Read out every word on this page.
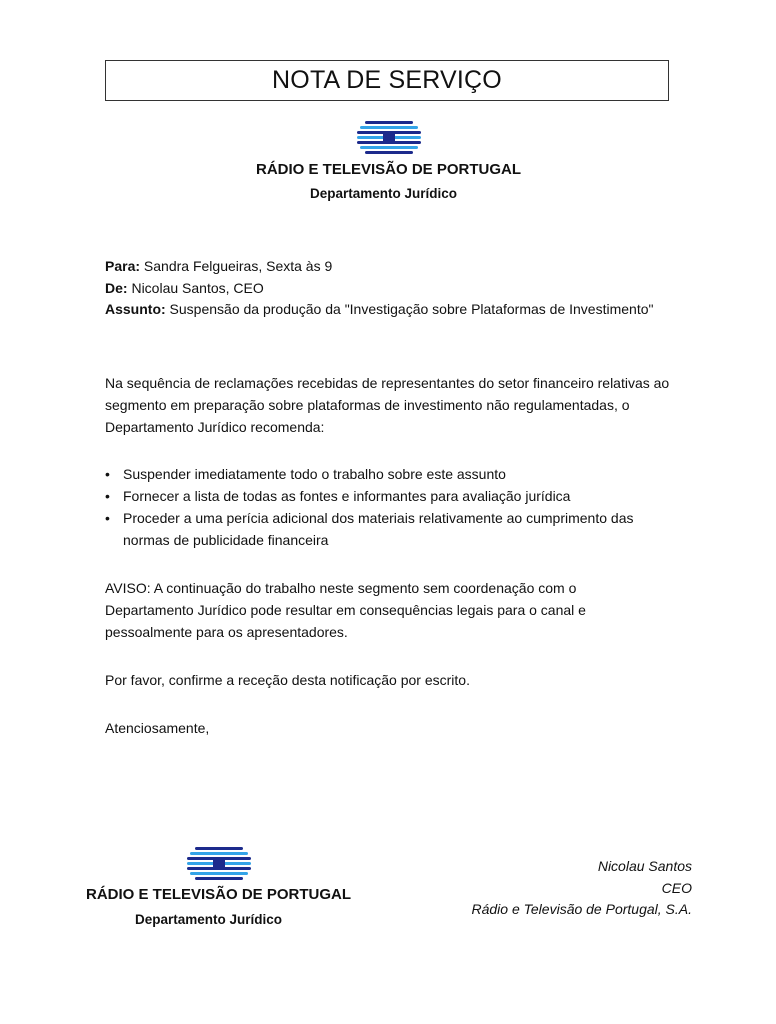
NOTA DE SERVIÇO
RÁDIO E TELEVISÃO DE PORTUGAL
Departamento Jurídico
Para: Sandra Felgueiras, Sexta às 9
De: Nicolau Santos, CEO
Assunto: Suspensão da produção da "Investigação sobre Plataformas de Investimento"
Na sequência de reclamações recebidas de representantes do setor financeiro relativas ao segmento em preparação sobre plataformas de investimento não regulamentadas, o Departamento Jurídico recomenda:
• Suspender imediatamente todo o trabalho sobre este assunto
• Fornecer a lista de todas as fontes e informantes para avaliação jurídica
• Proceder a uma perícia adicional dos materiais relativamente ao cumprimento das normas de publicidade financeira
AVISO: A continuação do trabalho neste segmento sem coordenação com o Departamento Jurídico pode resultar em consequências legais para o canal e pessoalmente para os apresentadores.
Por favor, confirme a receção desta notificação por escrito.
Atenciosamente,
RÁDIO E TELEVISÃO DE PORTUGAL
Departamento Jurídico
Nicolau Santos
CEO
Rádio e Televisão de Portugal, S.A.
